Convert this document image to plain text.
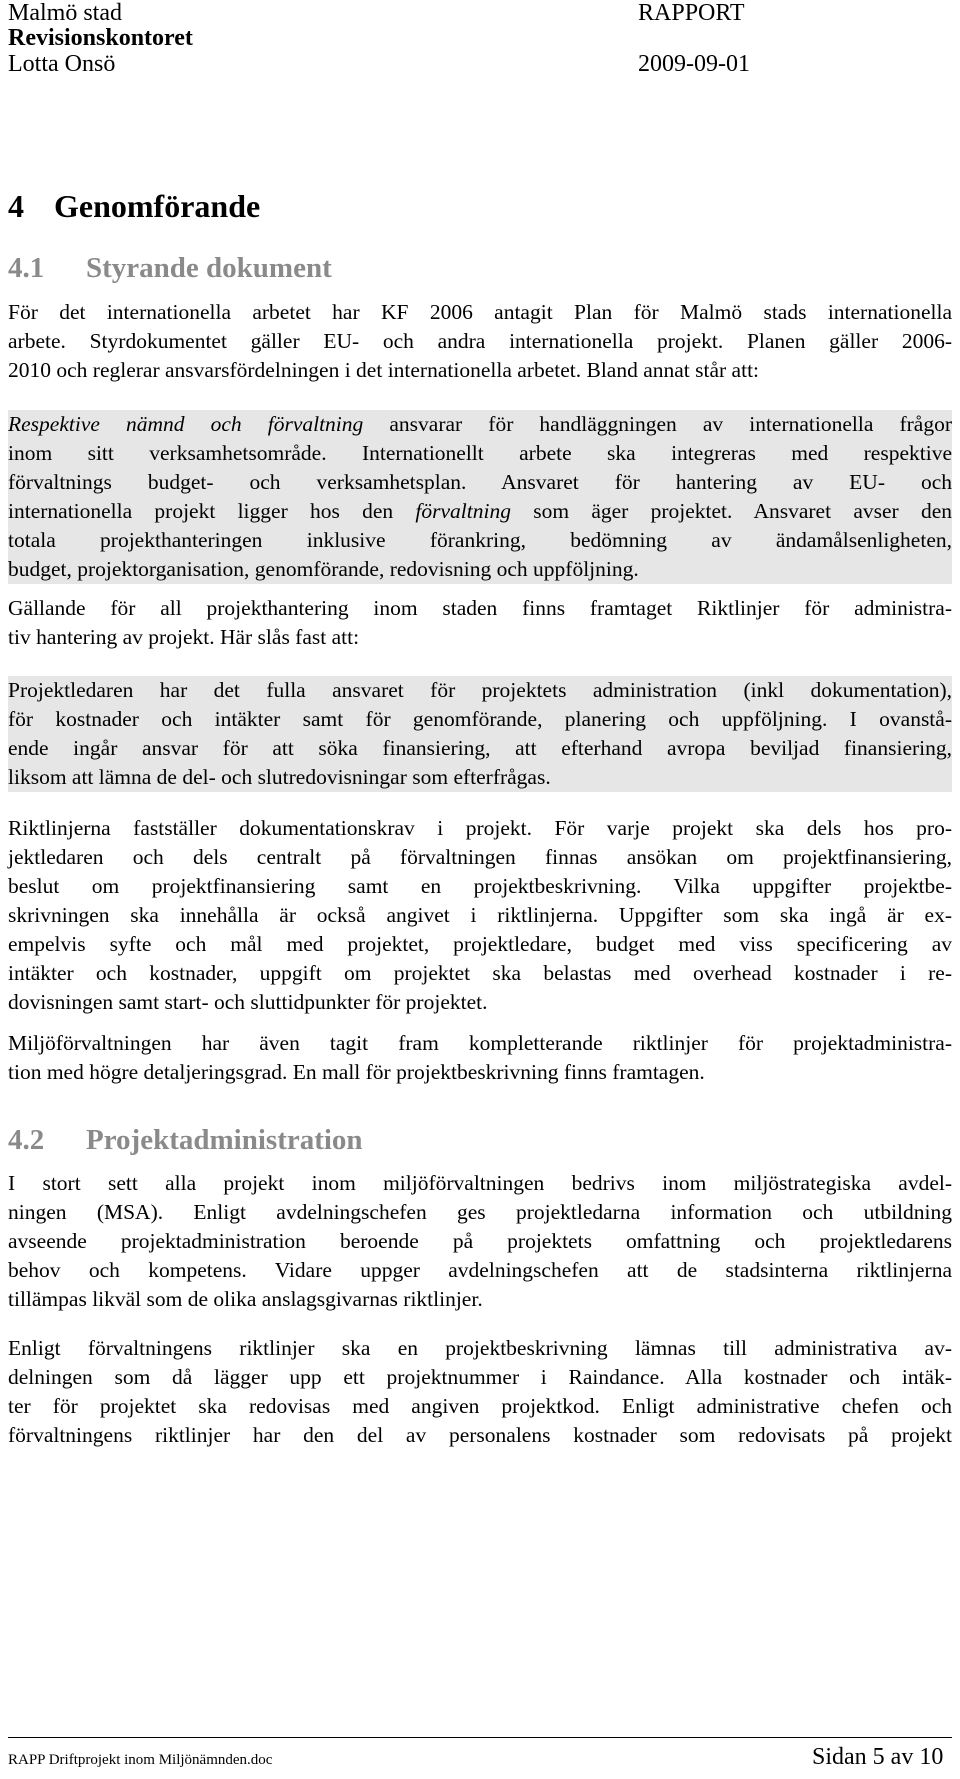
Malmö stad	RAPPORT
Revisionskontoret
Lotta Onsö	2009-09-01
4 Genomförande
4.1 Styrande dokument
För det internationella arbetet har KF 2006 antagit Plan för Malmö stads internationella
arbete. Styrdokumentet gäller EU- och andra internationella projekt. Planen gäller 2006-
2010 och reglerar ansvarsfördelningen i det internationella arbetet. Bland annat står att:
Respektive nämnd och förvaltning ansvarar för handläggningen av internationella frågor
inom sitt verksamhetsområde. Internationellt arbete ska integreras med respektive
förvaltnings budget- och verksamhetsplan. Ansvaret för hantering av EU- och
internationella projekt ligger hos den förvaltning som äger projektet. Ansvaret avser den
totala projekthanteringen inklusive förankring, bedömning av ändamålsenligheten,
budget, projektorganisation, genomförande, redovisning och uppföljning.
Gällande för all projekthantering inom staden finns framtaget Riktlinjer för administra-
tiv hantering av projekt. Här slås fast att:
Projektledaren har det fulla ansvaret för projektets administration (inkl dokumentation),
för kostnader och intäkter samt för genomförande, planering och uppföljning. I ovanstå-
ende ingår ansvar för att söka finansiering, att efterhand avropa beviljad finansiering,
liksom att lämna de del- och slutredovisningar som efterfrågas.
Riktlinjerna fastställer dokumentationskrav i projekt. För varje projekt ska dels hos pro-
jektledaren och dels centralt på förvaltningen finnas ansökan om projektfinansiering,
beslut om projektfinansiering samt en projektbeskrivning. Vilka uppgifter projektbe-
skrivningen ska innehålla är också angivet i riktlinjerna. Uppgifter som ska ingå är ex-
empelvis syfte och mål med projektet, projektledare, budget med viss specificering av
intäkter och kostnader, uppgift om projektet ska belastas med overhead kostnader i re-
dovisningen samt start- och sluttidpunkter för projektet.
Miljöförvaltningen har även tagit fram kompletterande riktlinjer för projektadministra-
tion med högre detaljeringsgrad. En mall för projektbeskrivning finns framtagen.
4.2 Projektadministration
I stort sett alla projekt inom miljöförvaltningen bedrivs inom miljöstrategiska avdel-
ningen (MSA). Enligt avdelningschefen ges projektledarna information och utbildning
avseende projektadministration beroende på projektets omfattning och projektledarens
behov och kompetens. Vidare uppger avdelningschefen att de stadsinterna riktlinjerna
tillämpas likväl som de olika anslagsgivarnas riktlinjer.
Enligt förvaltningens riktlinjer ska en projektbeskrivning lämnas till administrativa av-
delningen som då lägger upp ett projektnummer i Raindance. Alla kostnader och intäk-
ter för projektet ska redovisas med angiven projektkod. Enligt administrative chefen och
förvaltningens riktlinjer har den del av personalens kostnader som redovisats på projekt
RAPP Driftprojekt inom Miljönämnden.doc	Sidan 5 av 10
